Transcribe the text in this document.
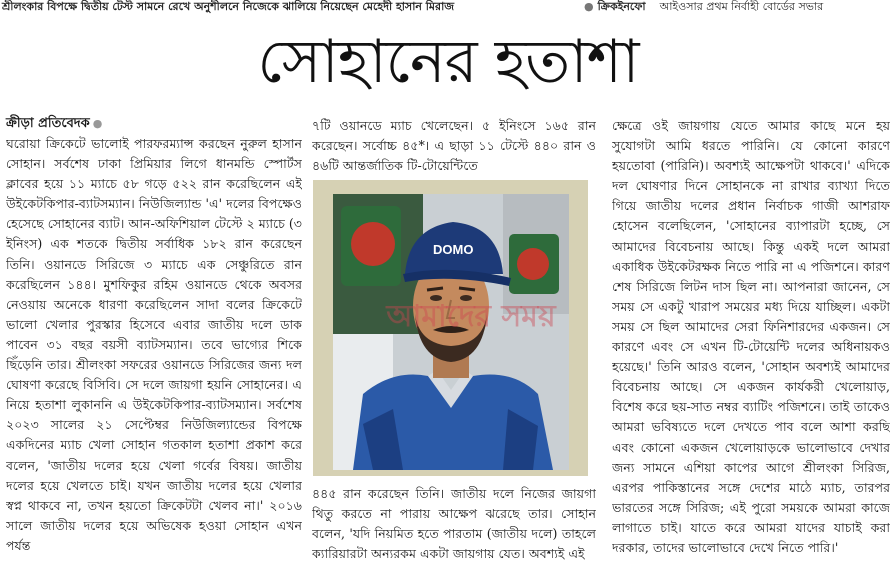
শ্রীলংকার বিপক্ষে দ্বিতীয় টেস্ট সামনে রেখে অনুশীলনে নিজেকে ঝালিয়ে নিয়েছেন মেহেদী হাসান মিরাজ	● ক্রিকইনফো আইওসার প্রথম নির্বাহী বোর্ডের সভার
সোহানের হতাশা
ক্রীড়া প্রতিবেদক ●

ঘরোয়া ক্রিকেটে ভালোই পারফরম্যান্স করছেন নুরুল হাসান সোহান। সর্বশেষ ঢাকা প্রিমিয়ার লিগে ধানমন্ডি স্পোর্টস ক্লাবের হয়ে ১১ ম্যাচে ৫৮ গড়ে ৫২২ রান করেছিলেন এই উইকেটকিপার-ব্যাটসম্যান। নিউজিল্যান্ড 'এ' দলের বিপক্ষেও হেসেছে সোহানের ব্যাট। আন-অফিশিয়াল টেস্টে ২ ম্যাচে (৩ ইনিংস) এক শতকে দ্বিতীয় সর্বাধিক ১৮২ রান করেছেন তিনি। ওয়ানডে সিরিজে ৩ ম্যাচে এক সেঞ্চুরিতে রান করেছিলেন ১৪৪। মুশফিকুর রহিম ওয়ানডে থেকে অবসর নেওয়ায় অনেকে ধারণা করেছিলেন সাদা বলের ক্রিকেটে ভালো খেলার পুরস্কার হিসেবে এবার জাতীয় দলে ডাক পাবেন ৩১ বছর বয়সী ব্যাটসম্যান। তবে ভাগ্যের শিকে ছিঁড়েনি তার। শ্রীলংকা সফরের ওয়ানডে সিরিজের জন্য দল ঘোষণা করেছে বিসিবি। সে দলে জায়গা হয়নি সোহানের। এ নিয়ে হতাশা লুকাননি এ উইকেটকিপার-ব্যাটসম্যান। সর্বশেষ ২০২৩ সালের ২১ সেপ্টেম্বর নিউজিল্যান্ডের বিপক্ষে একদিনের ম্যাচ খেলা সোহান গতকাল হতাশা প্রকাশ করে বলেন, 'জাতীয় দলের হয়ে খেলা গর্বের বিষয়। জাতীয় দলের হয়ে খেলতে চাই। যখন জাতীয় দলের হয়ে খেলার স্বপ্ন থাকবে না, তখন হয়তো ক্রিকেটটা খেলব না।' ২০১৬ সালে জাতীয় দলের হয়ে অভিষেক হওয়া সোহান এখন পর্যন্ত

৭টি ওয়ানডে ম্যাচ খেলেছেন। ৫ ইনিংসে ১৬৫ রান করেছেন। সর্বোচ্চ ৪৫*। এ ছাড়া ১১ টেস্টে ৪৪০ রান ও ৪৬টি আন্তর্জাতিক টি-টোয়েন্টিতে

DOMO
আমাদের সময়

৪৪৫ রান করেছেন তিনি। জাতীয় দলে নিজের জায়গা থিতু করতে না পারায় আক্ষেপ ঝরেছে তার। সোহান বলেন, 'যদি নিয়মিত হতে পারতাম (জাতীয় দলে) তাহলে ক্যারিয়ারটা অন্যরকম একটা জায়গায় যেত। অবশ্যই এই

ক্ষেত্রে ওই জায়গায় যেতে আমার কাছে মনে হয় সুযোগটা আমি ধরতে পারিনি। যে কোনো কারণে হয়তোবা (পারিনি)। অবশ্যই আক্ষেপটা থাকবে।' এদিকে দল ঘোষণার দিনে সোহানকে না রাখার ব্যাখ্যা দিতে গিয়ে জাতীয় দলের প্রধান নির্বাচক গাজী আশরাফ হোসেন বলেছিলেন, 'সোহানের ব্যাপারটা হচ্ছে, সে আমাদের বিবেচনায় আছে। কিন্তু একই দলে আমরা একাধিক উইকেটরক্ষক নিতে পারি না এ পজিশনে। কারণ শেষ সিরিজে লিটন দাস ছিল না। আপনারা জানেন, সে সময় সে একটু খারাপ সময়ের মধ্য দিয়ে যাচ্ছিল। একটা সময় সে ছিল আমাদের সেরা ফিনিশারদের একজন। সে কারণে এবং সে এখন টি-টোয়েন্টি দলের অধিনায়কও হয়েছে।' তিনি আরও বলেন, 'সোহান অবশ্যই আমাদের বিবেচনায় আছে। সে একজন কার্যকরী খেলোয়াড়, বিশেষ করে ছয়-সাত নম্বর ব্যাটিং পজিশনে। তাই তাকেও আমরা ভবিষ্যতে দলে দেখতে পাব বলে আশা করছি এবং কোনো একজন খেলোয়াড়কে ভালোভাবে দেখার জন্য সামনে এশিয়া কাপের আগে শ্রীলংকা সিরিজ, এরপর পাকিস্তানের সঙ্গে দেশের মাঠে ম্যাচ, তারপর ভারতের সঙ্গে সিরিজ; এই পুরো সময়কে আমরা কাজে লাগাতে চাই। যাতে করে আমরা যাদের যাচাই করা দরকার, তাদের ভালোভাবে দেখে নিতে পারি।'
